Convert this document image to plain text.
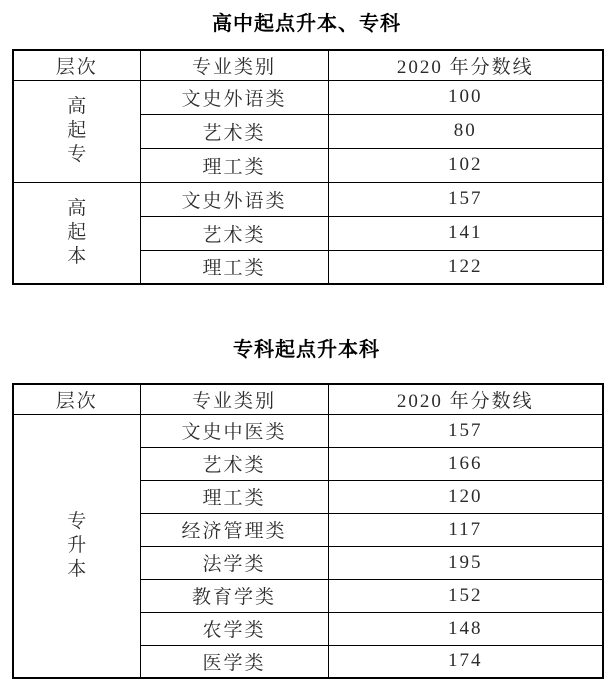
高中起点升本、专科
层次	专业类别	2020 年分数线

高起专	文史外语类	100
	艺术类	80
	理工类	102

高起本	文史外语类	157
	艺术类	141
	理工类	122
专科起点升本科
层次	专业类别	2020 年分数线

专升本	文史中医类	157
	艺术类	166
	理工类	120
	经济管理类	117
	法学类	195
	教育学类	152
	农学类	148
	医学类	174
